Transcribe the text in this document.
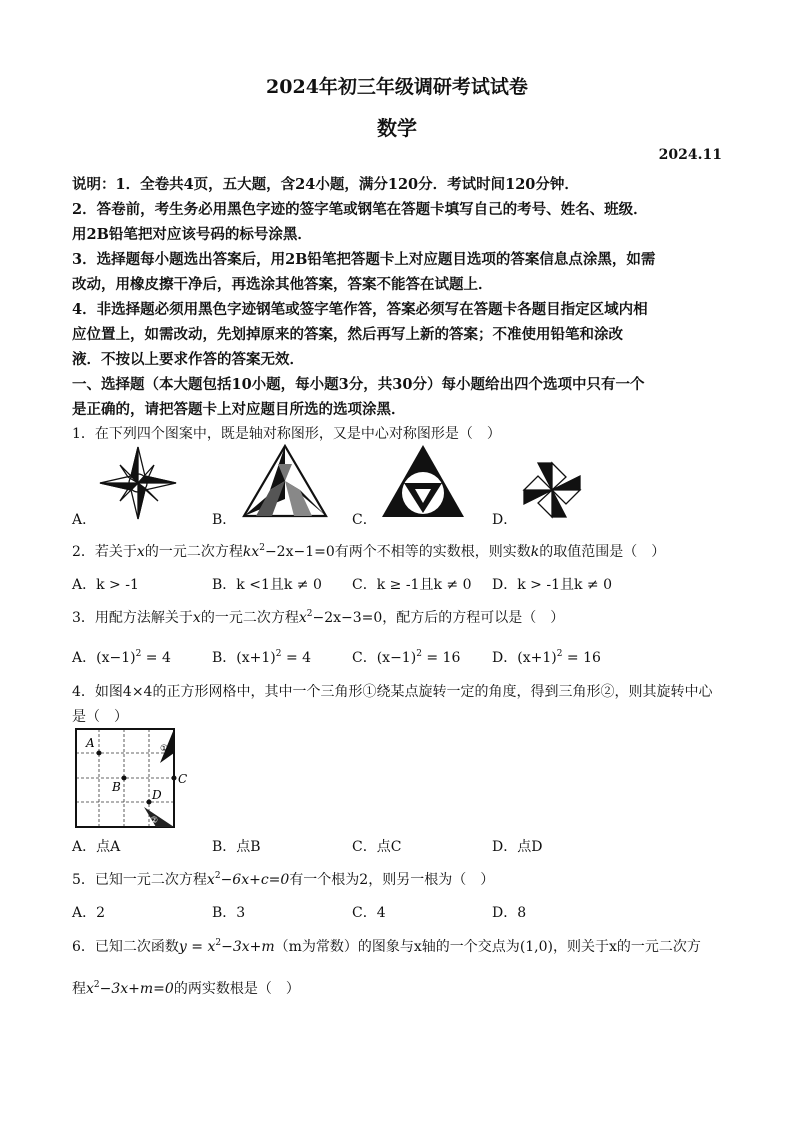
2024年初三年级调研考试试卷
数学
2024.11
说明：1．全卷共4页，五大题，含24小题，满分120分．考试时间120分钟．
2．答卷前，考生务必用黑色字迹的签字笔或钢笔在答题卡填写自己的考号、姓名、班级．
用2B铅笔把对应该号码的标号涂黑．
3．选择题每小题选出答案后，用2B铅笔把答题卡上对应题目选项的答案信息点涂黑，如需
改动，用橡皮擦干净后，再选涂其他答案，答案不能答在试题上．
4．非选择题必须用黑色字迹钢笔或签字笔作答，答案必须写在答题卡各题目指定区域内相
应位置上，如需改动，先划掉原来的答案，然后再写上新的答案；不准使用铅笔和涂改
液．不按以上要求作答的答案无效．
一、选择题（本大题包括10小题，每小题3分，共30分）每小题给出四个选项中只有一个
是正确的，请把答题卡上对应题目所选的选项涂黑．
1．在下列四个图案中，既是轴对称图形，又是中心对称图形是（　）
A．	B．	C．	D．
2．若关于x的一元二次方程$kx^2-2x-1=0$有两个不相等的实数根，则实数k的取值范围是（　）
A．k > -1	B．k <1且k ≠ 0 C．k ≥ -1且k ≠ 0 D．k > -1且k ≠ 0
3．用配方法解关于x的一元二次方程$x^2-2x-3=0$，配方后的方程可以是（　）
A．$(x-1)^2 = 4$	B．$(x+1)^2 = 4$	C．$(x-1)^2 = 16$ D．$(x+1)^2 = 16$
4．如图4×4的正方形网格中，其中一个三角形①绕某点旋转一定的角度，得到三角形②，则其旋转中心
是（　）
A
B
C
D
①
②
A．点A	B．点B	C．点C	D．点D
5．已知一元二次方程$x^2-6x+c=0$有一个根为2，则另一根为（　）
A．2	B．3	C．4	D．8
6．已知二次函数$y = x^2-3x+m(m$为常数）的图象与x轴的一个交点为(1,0)，则关于x的一元二次方
程$x^2-3x+m=0$的两实数根是（　）
